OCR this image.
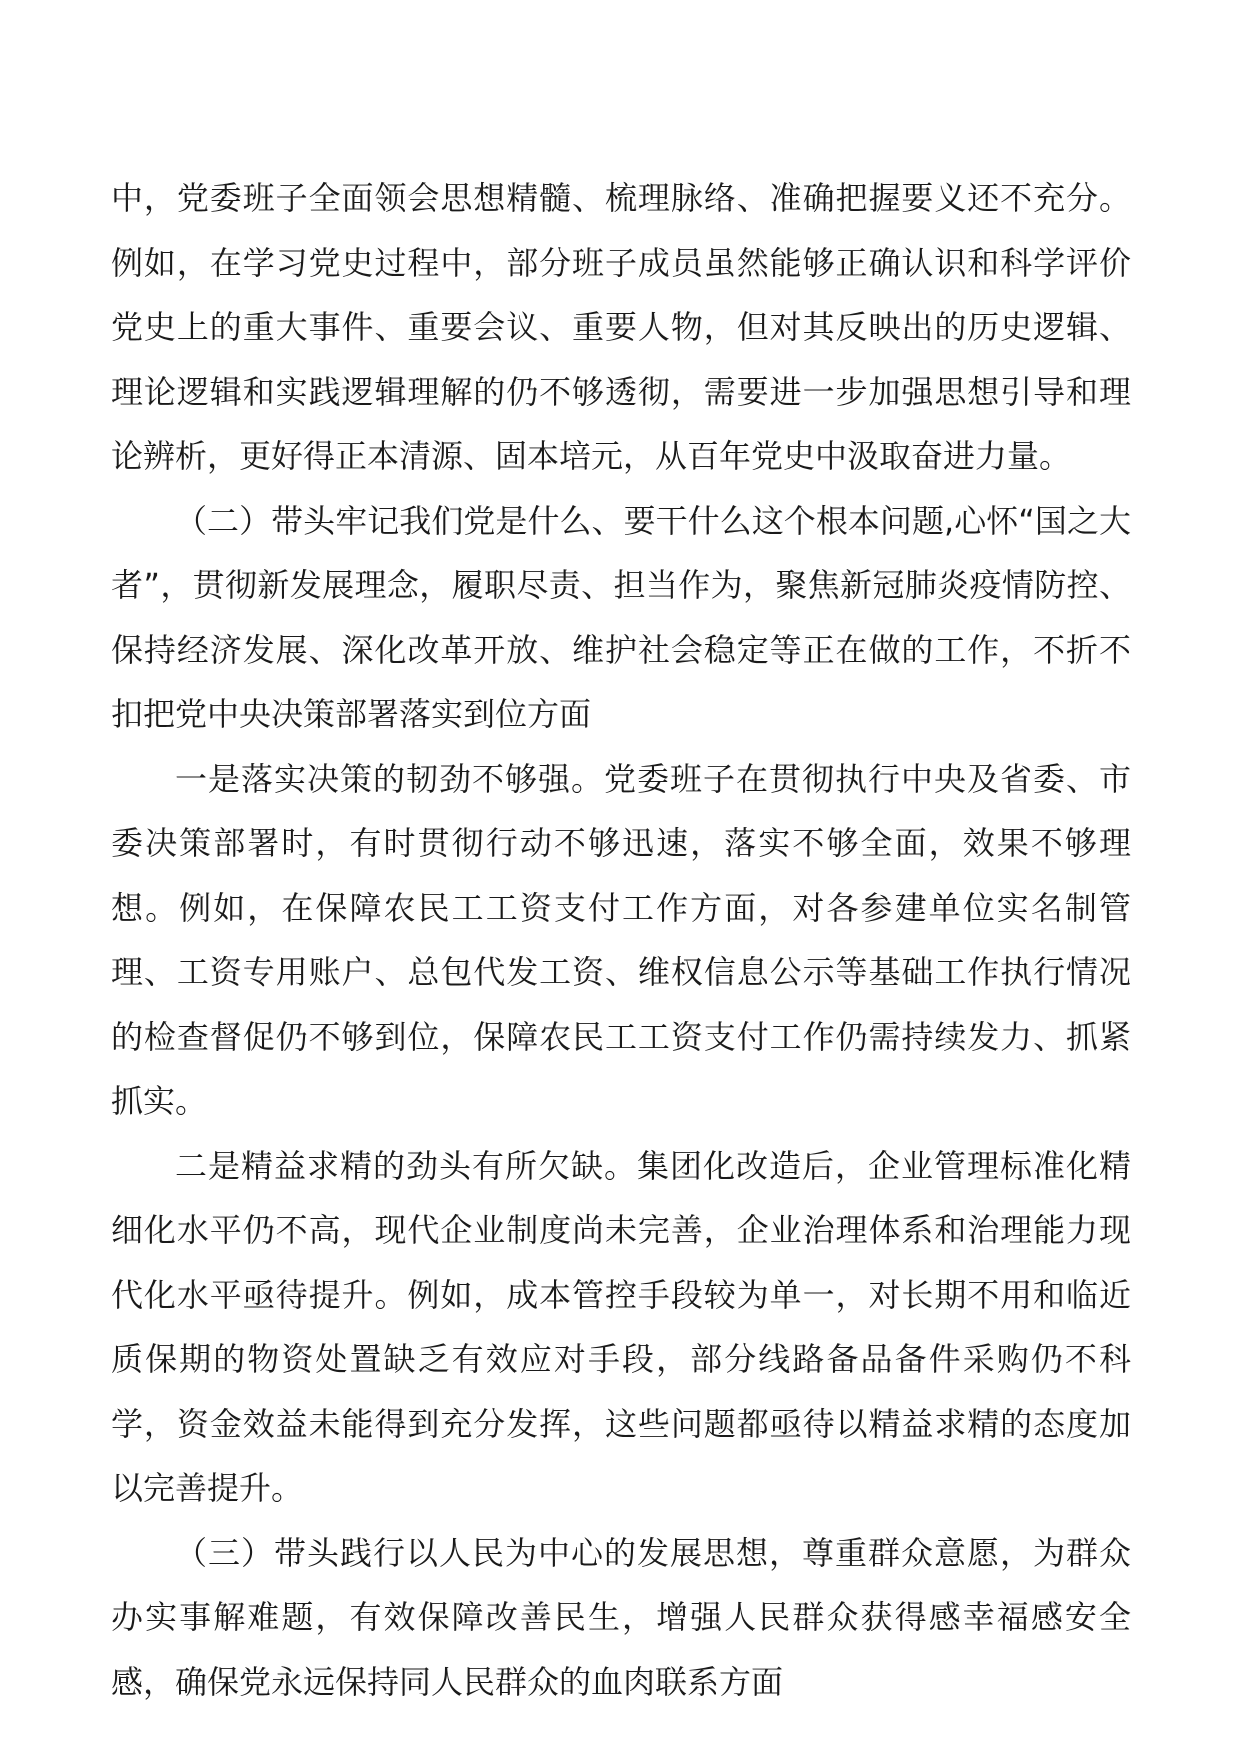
中，党委班子全面领会思想精髓、梳理脉络、准确把握要义还不充分。例如，在学习党史过程中，部分班子成员虽然能够正确认识和科学评价党史上的重大事件、重要会议、重要人物，但对其反映出的历史逻辑、理论逻辑和实践逻辑理解的仍不够透彻，需要进一步加强思想引导和理论辨析，更好得正本清源、固本培元，从百年党史中汲取奋进力量。

（二）带头牢记我们党是什么、要干什么这个根本问题,心怀“国之大者”，贯彻新发展理念，履职尽责、担当作为，聚焦新冠肺炎疫情防控、保持经济发展、深化改革开放、维护社会稳定等正在做的工作，不折不扣把党中央决策部署落实到位方面

一是落实决策的韧劲不够强。党委班子在贯彻执行中央及省委、市委决策部署时，有时贯彻行动不够迅速，落实不够全面，效果不够理想。例如，在保障农民工工资支付工作方面，对各参建单位实名制管理、工资专用账户、总包代发工资、维权信息公示等基础工作执行情况的检查督促仍不够到位，保障农民工工资支付工作仍需持续发力、抓紧抓实。

二是精益求精的劲头有所欠缺。集团化改造后，企业管理标准化精细化水平仍不高，现代企业制度尚未完善，企业治理体系和治理能力现代化水平亟待提升。例如，成本管控手段较为单一，对长期不用和临近质保期的物资处置缺乏有效应对手段，部分线路备品备件采购仍不科学，资金效益未能得到充分发挥，这些问题都亟待以精益求精的态度加以完善提升。

（三）带头践行以人民为中心的发展思想，尊重群众意愿，为群众办实事解难题，有效保障改善民生，增强人民群众获得感幸福感安全感，确保党永远保持同人民群众的血肉联系方面
